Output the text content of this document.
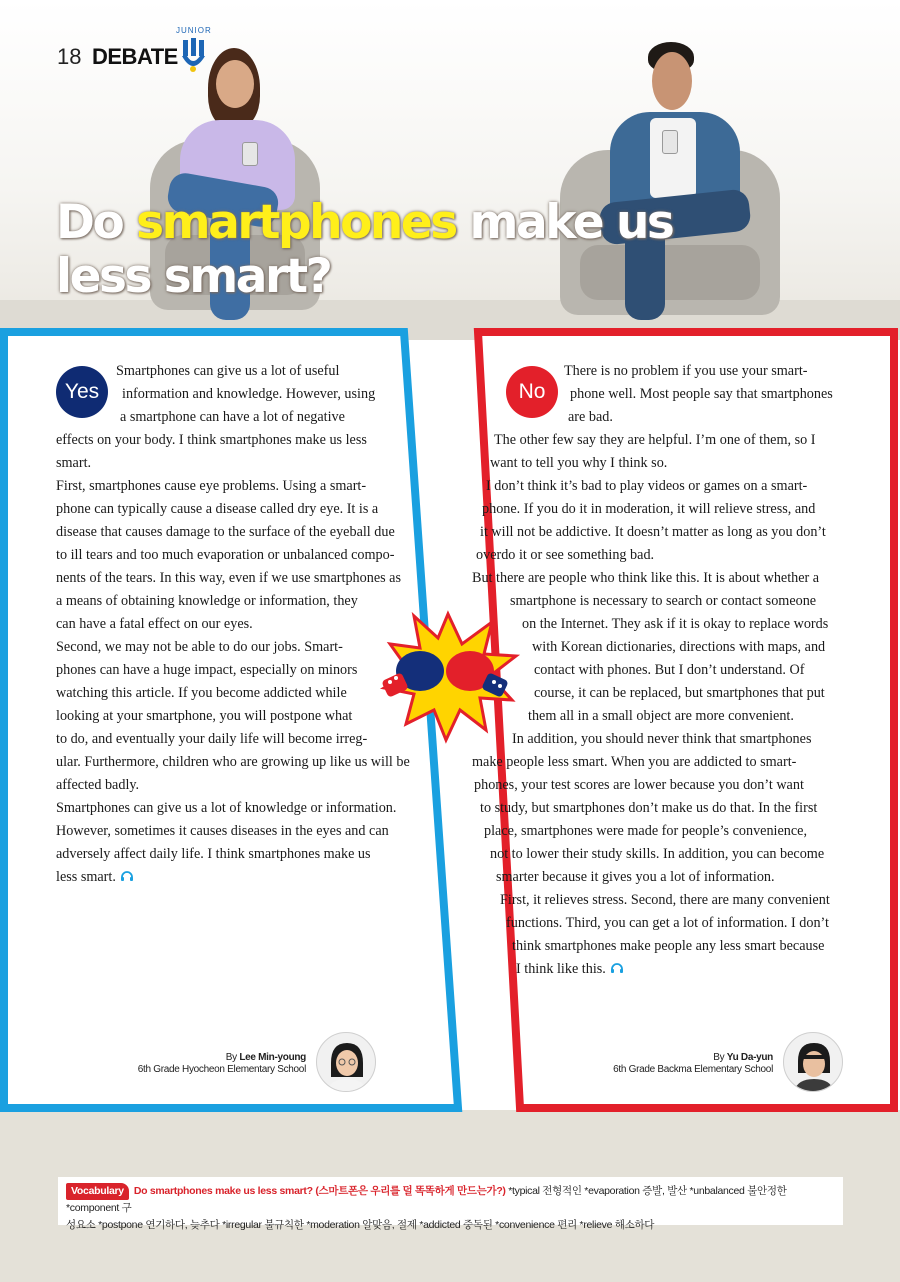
18 DEBATE
JUNIOR
Do smartphones make us
less smart?
Yes
Smartphones can give us a lot of useful
information and knowledge. However, using
a smartphone can have a lot of negative
effects on your body. I think smartphones make us less
smart.
First, smartphones cause eye problems. Using a smart-
phone can typically cause a disease called dry eye. It is a
disease that causes damage to the surface of the eyeball due
to ill tears and too much evaporation or unbalanced compo-
nents of the tears. In this way, even if we use smartphones as
a means of obtaining knowledge or information, they
can have a fatal effect on our eyes.
Second, we may not be able to do our jobs. Smart-
phones can have a huge impact, especially on minors
watching this article. If you become addicted while
looking at your smartphone, you will postpone what
to do, and eventually your daily life will become irreg-
ular. Furthermore, children who are growing up like us will be
affected badly.
Smartphones can give us a lot of knowledge or information.
However, sometimes it causes diseases in the eyes and can
adversely affect daily life. I think smartphones make us
less smart.
By Lee Min-young
6th Grade Hyocheon Elementary School
No
There is no problem if you use your smart-
phone well. Most people say that smartphones
are bad.
The other few say they are helpful. I’m one of them, so I
want to tell you why I think so.
I don’t think it’s bad to play videos or games on a smart-
phone. If you do it in moderation, it will relieve stress, and
it will not be addictive. It doesn’t matter as long as you don’t
overdo it or see something bad.
But there are people who think like this. It is about whether a
smartphone is necessary to search or contact someone
on the Internet. They ask if it is okay to replace words
with Korean dictionaries, directions with maps, and
contact with phones. But I don’t understand. Of
course, it can be replaced, but smartphones that put
them all in a small object are more convenient.
In addition, you should never think that smartphones
make people less smart. When you are addicted to smart-
phones, your test scores are lower because you don’t want
to study, but smartphones don’t make us do that. In the first
place, smartphones were made for people’s convenience,
not to lower their study skills. In addition, you can become
smarter because it gives you a lot of information.
First, it relieves stress. Second, there are many convenient
functions. Third, you can get a lot of information. I don’t
think smartphones make people any less smart because
I think like this.
By Yu Da-yun
6th Grade Backma Elementary School
Vocabulary Do smartphones make us less smart? (스마트폰은 우리를 덜 똑똑하게 만드는가?) *typical 전형적인 *evaporation 증발, 발산 *unbalanced 불안정한 *component 구
성요소 *postpone 연기하다, 늦추다 *irregular 불규칙한 *moderation 알맞음, 절제 *addicted 중독된 *convenience 편리 *relieve 해소하다
